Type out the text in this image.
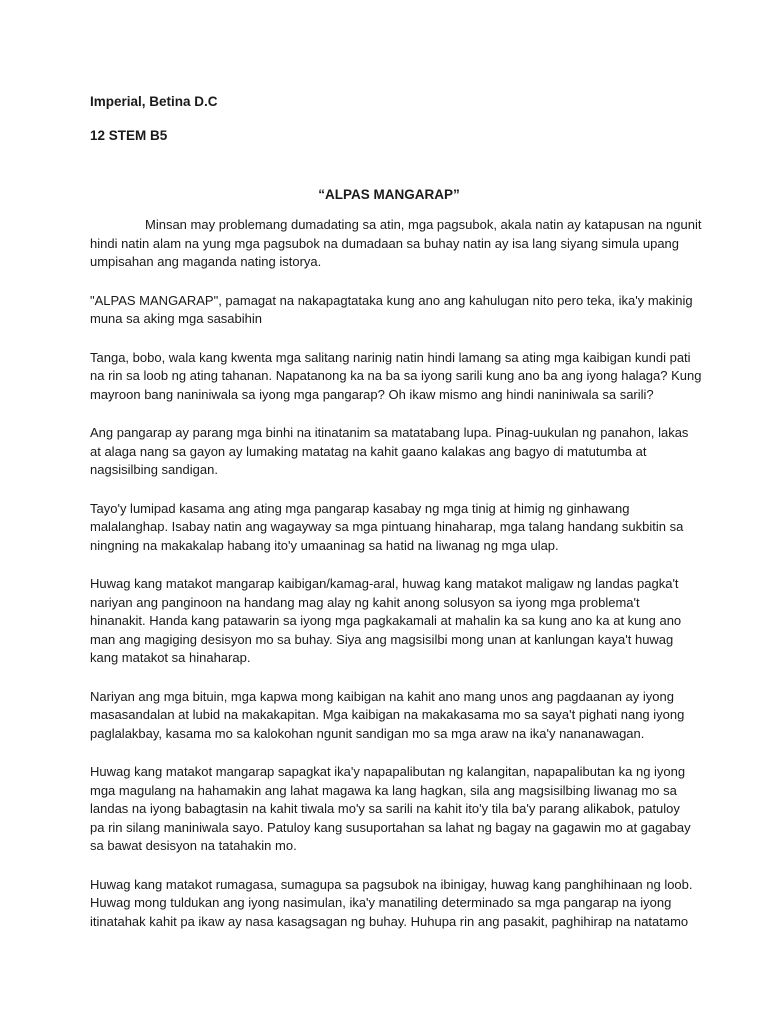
Imperial, Betina D.C
12 STEM B5
“ALPAS MANGARAP”

Minsan may problemang dumadating sa atin, mga pagsubok, akala natin ay katapusan na ngunit
hindi natin alam na yung mga pagsubok na dumadaan sa buhay natin ay isa lang siyang simula upang
umpisahan ang maganda nating istorya.

"ALPAS MANGARAP", pamagat na nakapagtataka kung ano ang kahulugan nito pero teka, ika'y makinig
muna sa aking mga sasabihin

Tanga, bobo, wala kang kwenta mga salitang narinig natin hindi lamang sa ating mga kaibigan kundi pati
na rin sa loob ng ating tahanan. Napatanong ka na ba sa iyong sarili kung ano ba ang iyong halaga? Kung
mayroon bang naniniwala sa iyong mga pangarap? Oh ikaw mismo ang hindi naniniwala sa sarili?

Ang pangarap ay parang mga binhi na itinatanim sa matatabang lupa. Pinag-uukulan ng panahon, lakas
at alaga nang sa gayon ay lumaking matatag na kahit gaano kalakas ang bagyo di matutumba at
nagsisilbing sandigan.

Tayo'y lumipad kasama ang ating mga pangarap kasabay ng mga tinig at himig ng ginhawang
malalanghap. Isabay natin ang wagayway sa mga pintuang hinaharap, mga talang handang sukbitin sa
ningning na makakalap habang ito'y umaaninag sa hatid na liwanag ng mga ulap.

Huwag kang matakot mangarap kaibigan/kamag-aral, huwag kang matakot maligaw ng landas pagka't
nariyan ang panginoon na handang mag alay ng kahit anong solusyon sa iyong mga problema't
hinanakit. Handa kang patawarin sa iyong mga pagkakamali at mahalin ka sa kung ano ka at kung ano
man ang magiging desisyon mo sa buhay. Siya ang magsisilbi mong unan at kanlungan kaya't huwag
kang matakot sa hinaharap.

Nariyan ang mga bituin, mga kapwa mong kaibigan na kahit ano mang unos ang pagdaanan ay iyong
masasandalan at lubid na makakapitan. Mga kaibigan na makakasama mo sa saya't pighati nang iyong
paglalakbay, kasama mo sa kalokohan ngunit sandigan mo sa mga araw na ika'y nananawagan.

Huwag kang matakot mangarap sapagkat ika'y napapalibutan ng kalangitan, napapalibutan ka ng iyong
mga magulang na hahamakin ang lahat magawa ka lang hagkan, sila ang magsisilbing liwanag mo sa
landas na iyong babagtasin na kahit tiwala mo'y sa sarili na kahit ito'y tila ba'y parang alikabok, patuloy
pa rin silang maniniwala sayo. Patuloy kang susuportahan sa lahat ng bagay na gagawin mo at gagabay
sa bawat desisyon na tatahakin mo.

Huwag kang matakot rumagasa, sumagupa sa pagsubok na ibinigay, huwag kang panghihinaan ng loob.
Huwag mong tuldukan ang iyong nasimulan, ika'y manatiling determinado sa mga pangarap na iyong
itinatahak kahit pa ikaw ay nasa kasagsagan ng buhay. Huhupa rin ang pasakit, paghihirap na natatamo
